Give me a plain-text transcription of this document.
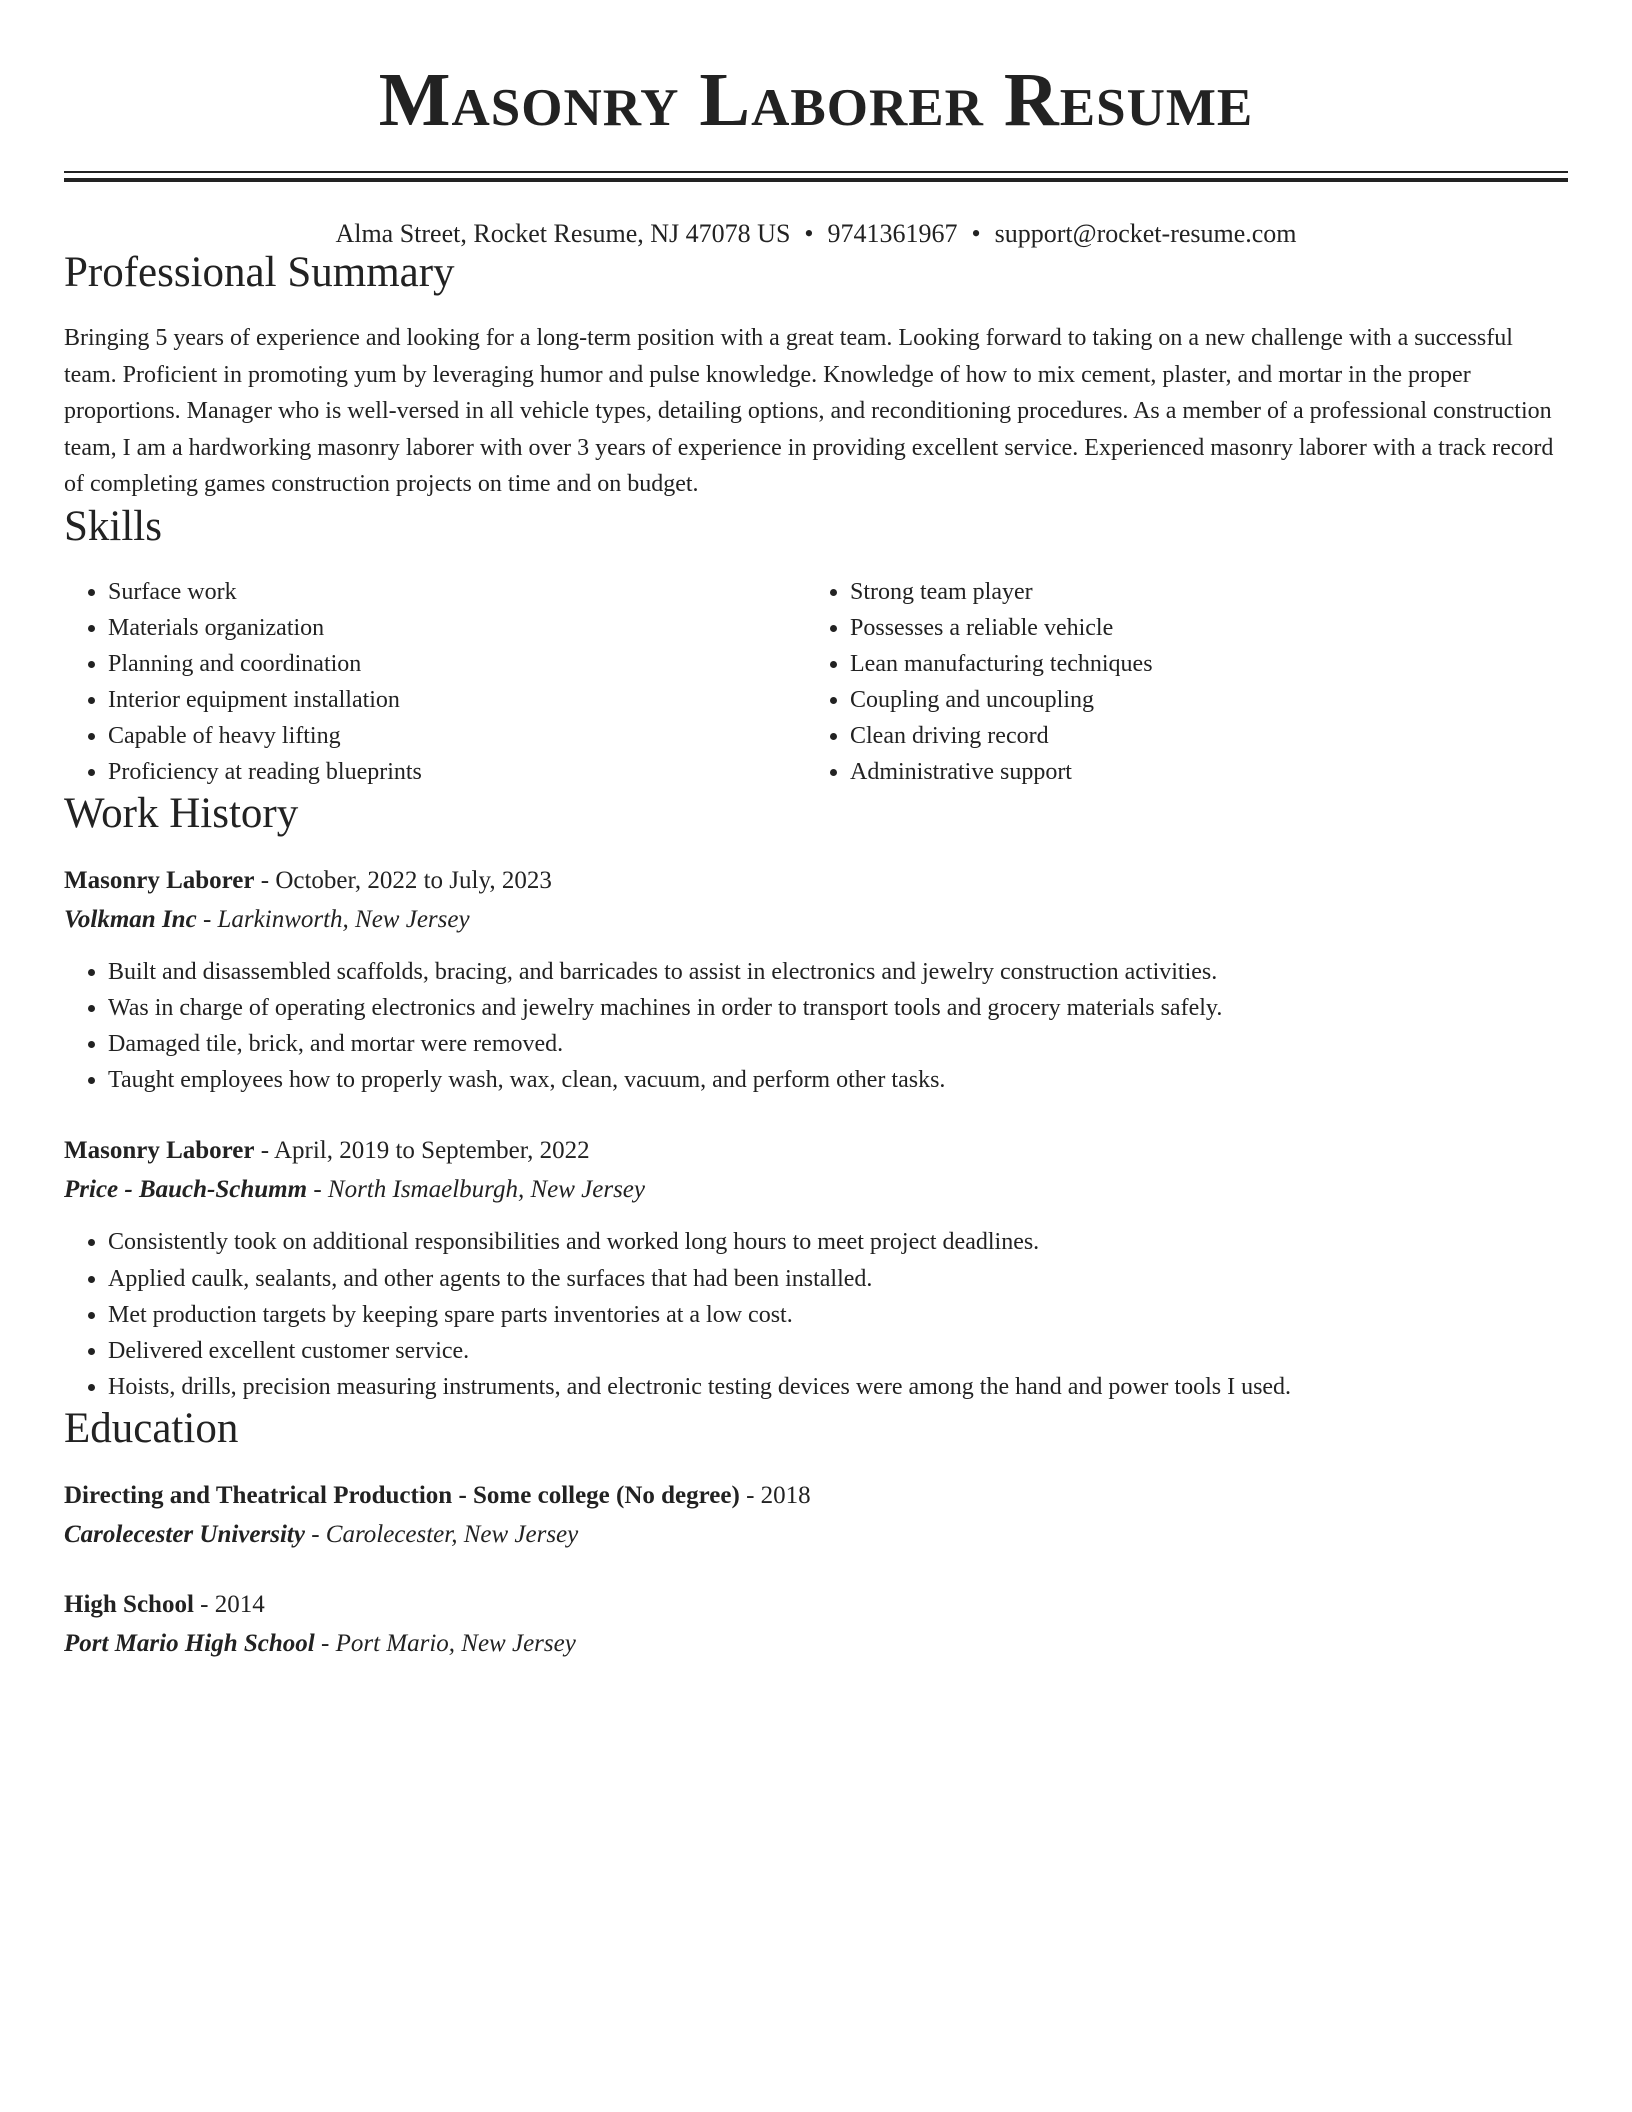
Masonry Laborer Resume
Alma Street, Rocket Resume, NJ 47078 US • 9741361967 • support@rocket-resume.com
Professional Summary

Bringing 5 years of experience and looking for a long-term position with a great team. Looking forward to taking on a new challenge with a successful team. Proficient in promoting yum by leveraging humor and pulse knowledge. Knowledge of how to mix cement, plaster, and mortar in the proper proportions. Manager who is well-versed in all vehicle types, detailing options, and reconditioning procedures. As a member of a professional construction team, I am a hardworking masonry laborer with over 3 years of experience in providing excellent service. Experienced masonry laborer with a track record of completing games construction projects on time and on budget.

Skills
• Surface work
• Materials organization
• Planning and coordination
• Interior equipment installation
• Capable of heavy lifting
• Proficiency at reading blueprints
• Strong team player
• Possesses a reliable vehicle
• Lean manufacturing techniques
• Coupling and uncoupling
• Clean driving record
• Administrative support
Work History
Masonry Laborer - October, 2022 to July, 2023
Volkman Inc - Larkinworth, New Jersey
• Built and disassembled scaffolds, bracing, and barricades to assist in electronics and jewelry construction activities.
• Was in charge of operating electronics and jewelry machines in order to transport tools and grocery materials safely.
• Damaged tile, brick, and mortar were removed.
• Taught employees how to properly wash, wax, clean, vacuum, and perform other tasks.
Masonry Laborer - April, 2019 to September, 2022
Price - Bauch-Schumm - North Ismaelburgh, New Jersey
• Consistently took on additional responsibilities and worked long hours to meet project deadlines.
• Applied caulk, sealants, and other agents to the surfaces that had been installed.
• Met production targets by keeping spare parts inventories at a low cost.
• Delivered excellent customer service.
• Hoists, drills, precision measuring instruments, and electronic testing devices were among the hand and power tools I used.
Education
Directing and Theatrical Production - Some college (No degree) - 2018
Carolecester University - Carolecester, New Jersey
High School - 2014
Port Mario High School - Port Mario, New Jersey
